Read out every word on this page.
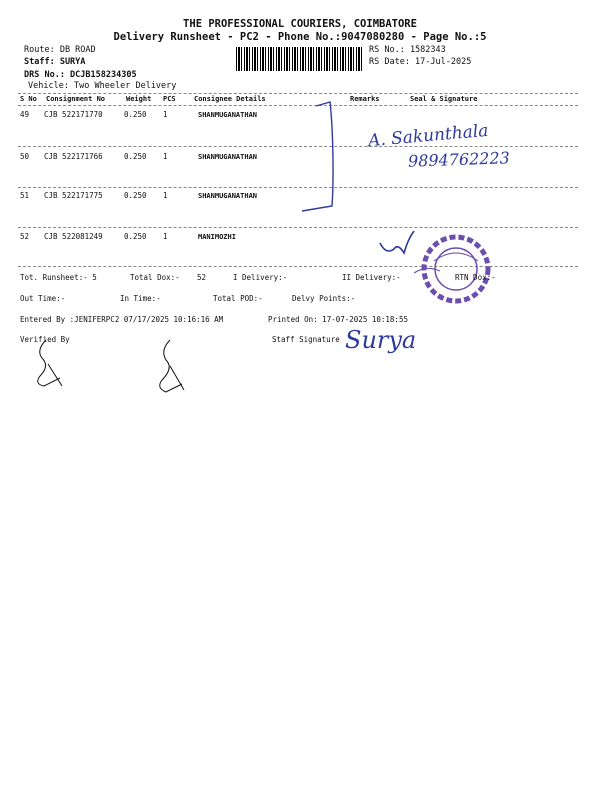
THE PROFESSIONAL COURIERS, COIMBATORE
Delivery Runsheet - PC2 - Phone No.:9047080280 - Page No.:5
Route: DB ROAD
Staff: SURYA
DRS No.: DCJB158234305
Vehicle: Two Wheeler Delivery
RS No.: 1582343
RS Date: 17-Jul-2025
S No Consignment No	Weight PCS	Consignee Details	Remarks	Seal & Signature
49 CJB 522171770	0.250 1	SHANMUGANATHAN
50 CJB 522171766	0.250 1	SHANMUGANATHAN
51 CJB 522171775	0.250 1	SHANMUGANATHAN
52 CJB 522081249	0.250 1	MANIMOZHI
A. Sakunthala
9894762223
Tot. Runsheet:- 5	Total Dox:- 52	I Delivery:-	II Delivery:-	RTN Dox:-
Out Time:-	In Time:-	Total POD:-	Delvy Points:-
Entered By :JENIFERPC2 07/17/2025 10:16:16 AM	Printed On: 17-07-2025 10:18:55
Verified By	Staff Signature Surya
